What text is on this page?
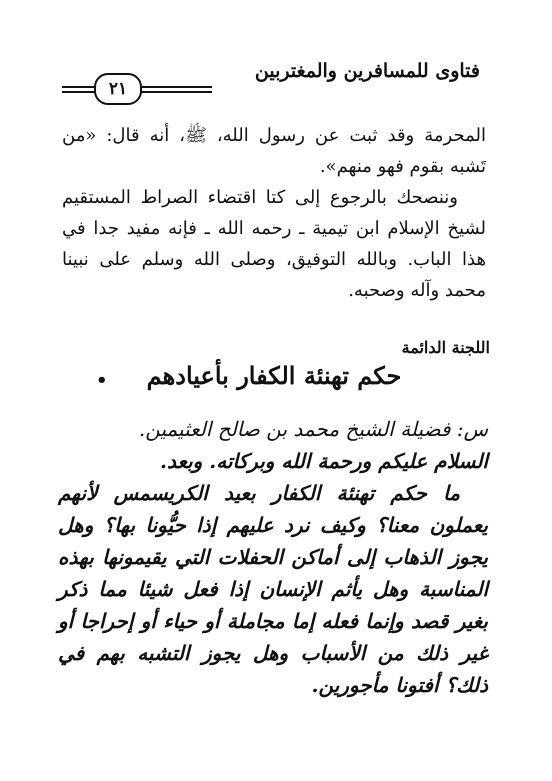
فتاوى للمسافرين والمغتربين
٢١

المحرمة وقد ثبت عن رسول الله، ﷺ، أنه قال: «من تَشبه بقوم فهو منهم».

وننصحك بالرجوع إلى كتا اقتضاء الصراط المستقيم لشيخ الإسلام ابن تيمية ـ رحمه الله ـ فإنه مفيد جدا في هذا الباب. وبالله التوفيق، وصلى الله وسلم على نبينا محمد وآله وصحبه.

اللجنة الدائمة
حكم تهنئة الكفار بأعيادهم
•

س: فضيلة الشيخ محمد بن صالح العثيمين.

السلام عليكم ورحمة الله وبركاته. وبعد.

ما حكم تهنئة الكفار بعيد الكريسمس لأنهم يعملون معنا؟ وكيف نرد عليهم إذا حيُّونا بها؟ وهل يجوز الذهاب إلى أماكن الحفلات التي يقيمونها بهذه المناسبة وهل يأثم الإنسان إذا فعل شيئا مما ذكر بغير قصد وإنما فعله إما مجاملة أو حياء أو إحراجا أو غير ذلك من الأسباب وهل يجوز التشبه بهم في ذلك؟ أفتونا مأجورين.
